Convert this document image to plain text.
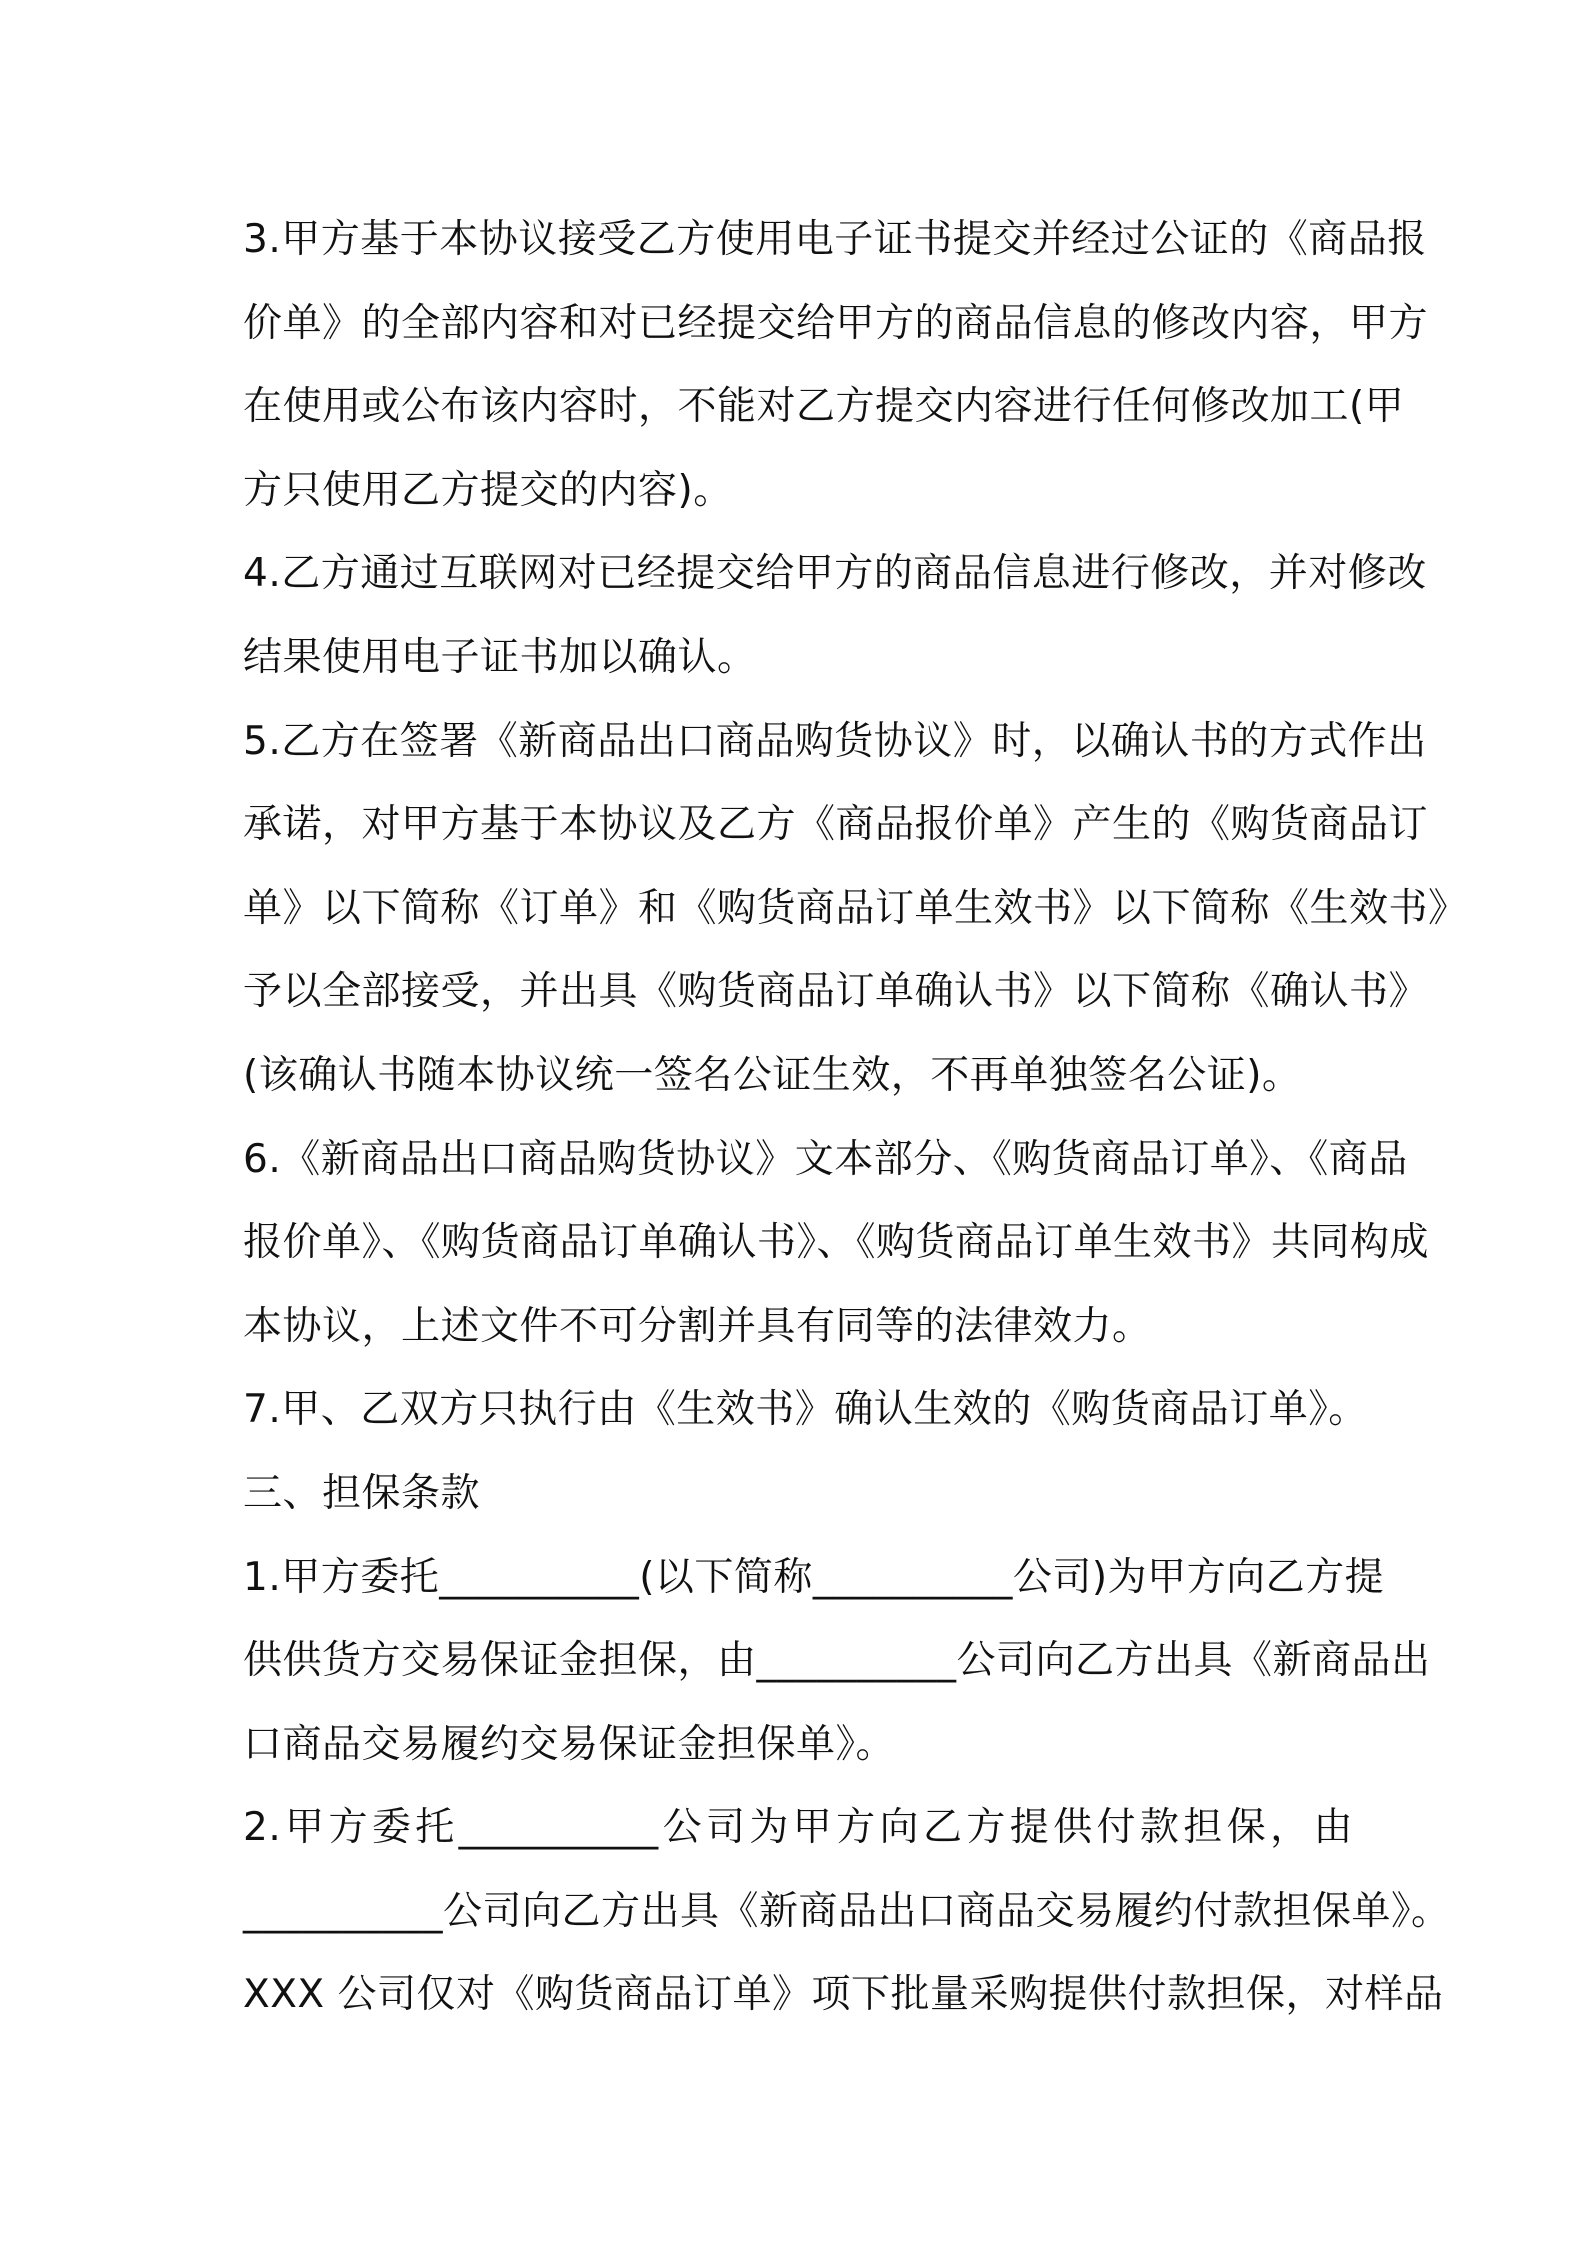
3.甲方基于本协议接受乙方使用电子证书提交并经过公证的《商品报
价单》的全部内容和对已经提交给甲方的商品信息的修改内容，甲方
在使用或公布该内容时，不能对乙方提交内容进行任何修改加工(甲
方只使用乙方提交的内容)。
4.乙方通过互联网对已经提交给甲方的商品信息进行修改，并对修改
结果使用电子证书加以确认。
5.乙方在签署《新商品出口商品购货协议》时，以确认书的方式作出
承诺，对甲方基于本协议及乙方《商品报价单》产生的《购货商品订
单》以下简称《订单》和《购货商品订单生效书》以下简称《生效书》
予以全部接受，并出具《购货商品订单确认书》以下简称《确认书》
(该确认书随本协议统一签名公证生效，不再单独签名公证)。
6.《新商品出口商品购货协议》文本部分、《购货商品订单》、《商品
报价单》、《购货商品订单确认书》、《购货商品订单生效书》共同构成
本协议，上述文件不可分割并具有同等的法律效力。
7.甲、乙双方只执行由《生效书》确认生效的《购货商品订单》。
三、担保条款
1.甲方委托__________(以下简称__________公司)为甲方向乙方提
供供货方交易保证金担保，由__________公司向乙方出具《新商品出
口商品交易履约交易保证金担保单》。
2.甲方委托__________公司为甲方向乙方提供付款担保，由
__________公司向乙方出具《新商品出口商品交易履约付款担保单》。
XXX 公司仅对《购货商品订单》项下批量采购提供付款担保，对样品
